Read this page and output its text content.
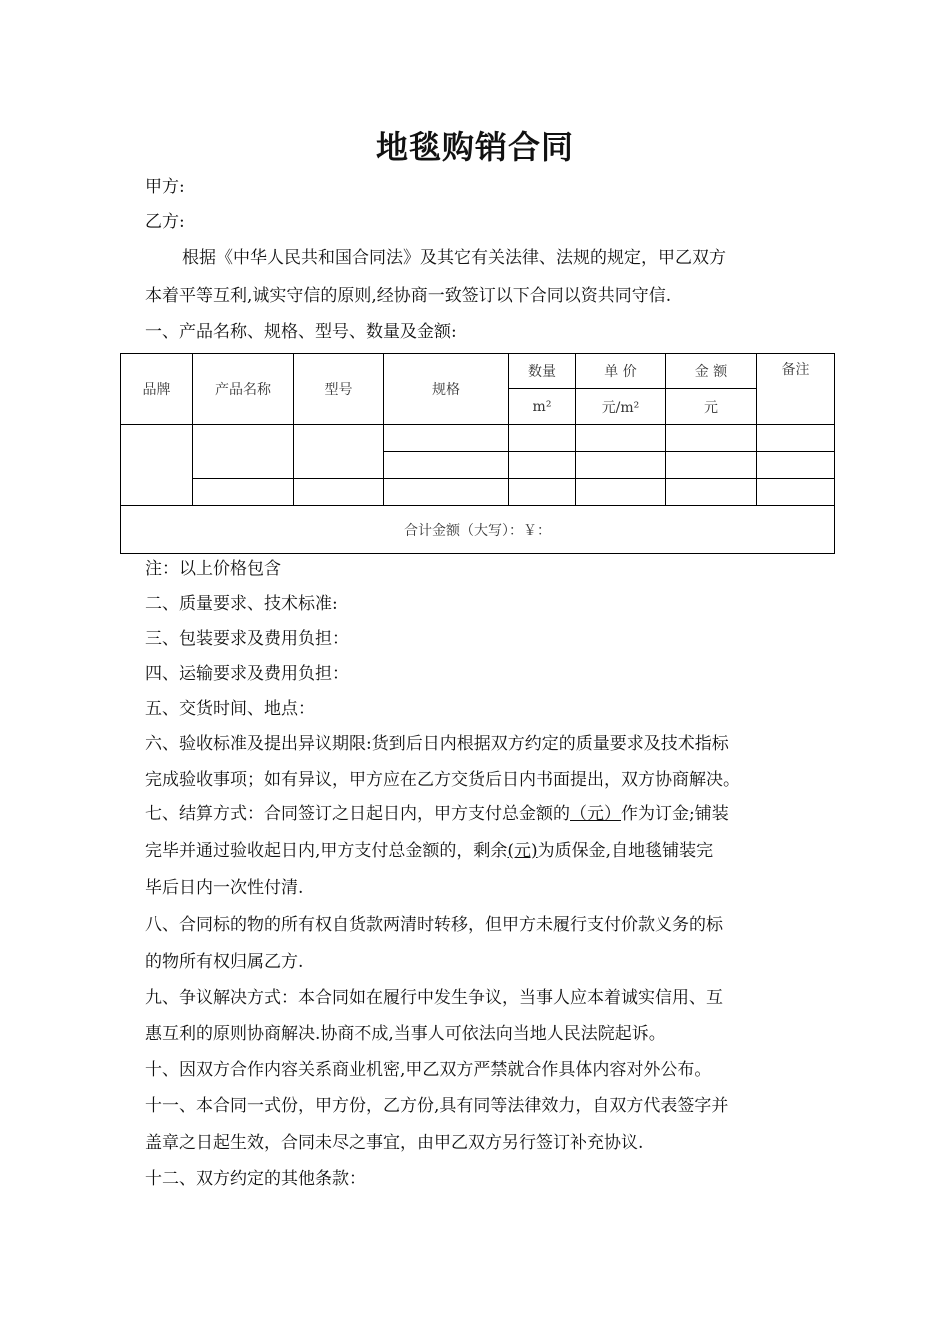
地毯购销合同
甲方:
乙方:
根据《中华人民共和国合同法》及其它有关法律、法规的规定，甲乙双方
本着平等互利,诚实守信的原则,经协商一致签订以下合同以资共同守信.
一、产品名称、规格、型号、数量及金额:
品牌	产品名称	型号	规格	数量	单 价	金 额	备注
				m²	元/m²	元	

合计金额（大写）：￥：							
注：以上价格包含
二、质量要求、技术标准:
三、包装要求及费用负担：
四、运输要求及费用负担：
五、交货时间、地点：
六、验收标准及提出异议期限:货到后日内根据双方约定的质量要求及技术指标
完成验收事项；如有异议，甲方应在乙方交货后日内书面提出，双方协商解决。
七、结算方式：合同签订之日起日内，甲方支付总金额的（元）作为订金;铺装
完毕并通过验收起日内,甲方支付总金额的，剩余(元)为质保金,自地毯铺装完
毕后日内一次性付清.
八、合同标的物的所有权自货款两清时转移，但甲方未履行支付价款义务的标
的物所有权归属乙方.
九、争议解决方式：本合同如在履行中发生争议，当事人应本着诚实信用、互
惠互利的原则协商解决.协商不成,当事人可依法向当地人民法院起诉。
十、因双方合作内容关系商业机密,甲乙双方严禁就合作具体内容对外公布。
十一、本合同一式份，甲方份，乙方份,具有同等法律效力，自双方代表签字并
盖章之日起生效，合同未尽之事宜，由甲乙双方另行签订补充协议.
十二、双方约定的其他条款：
